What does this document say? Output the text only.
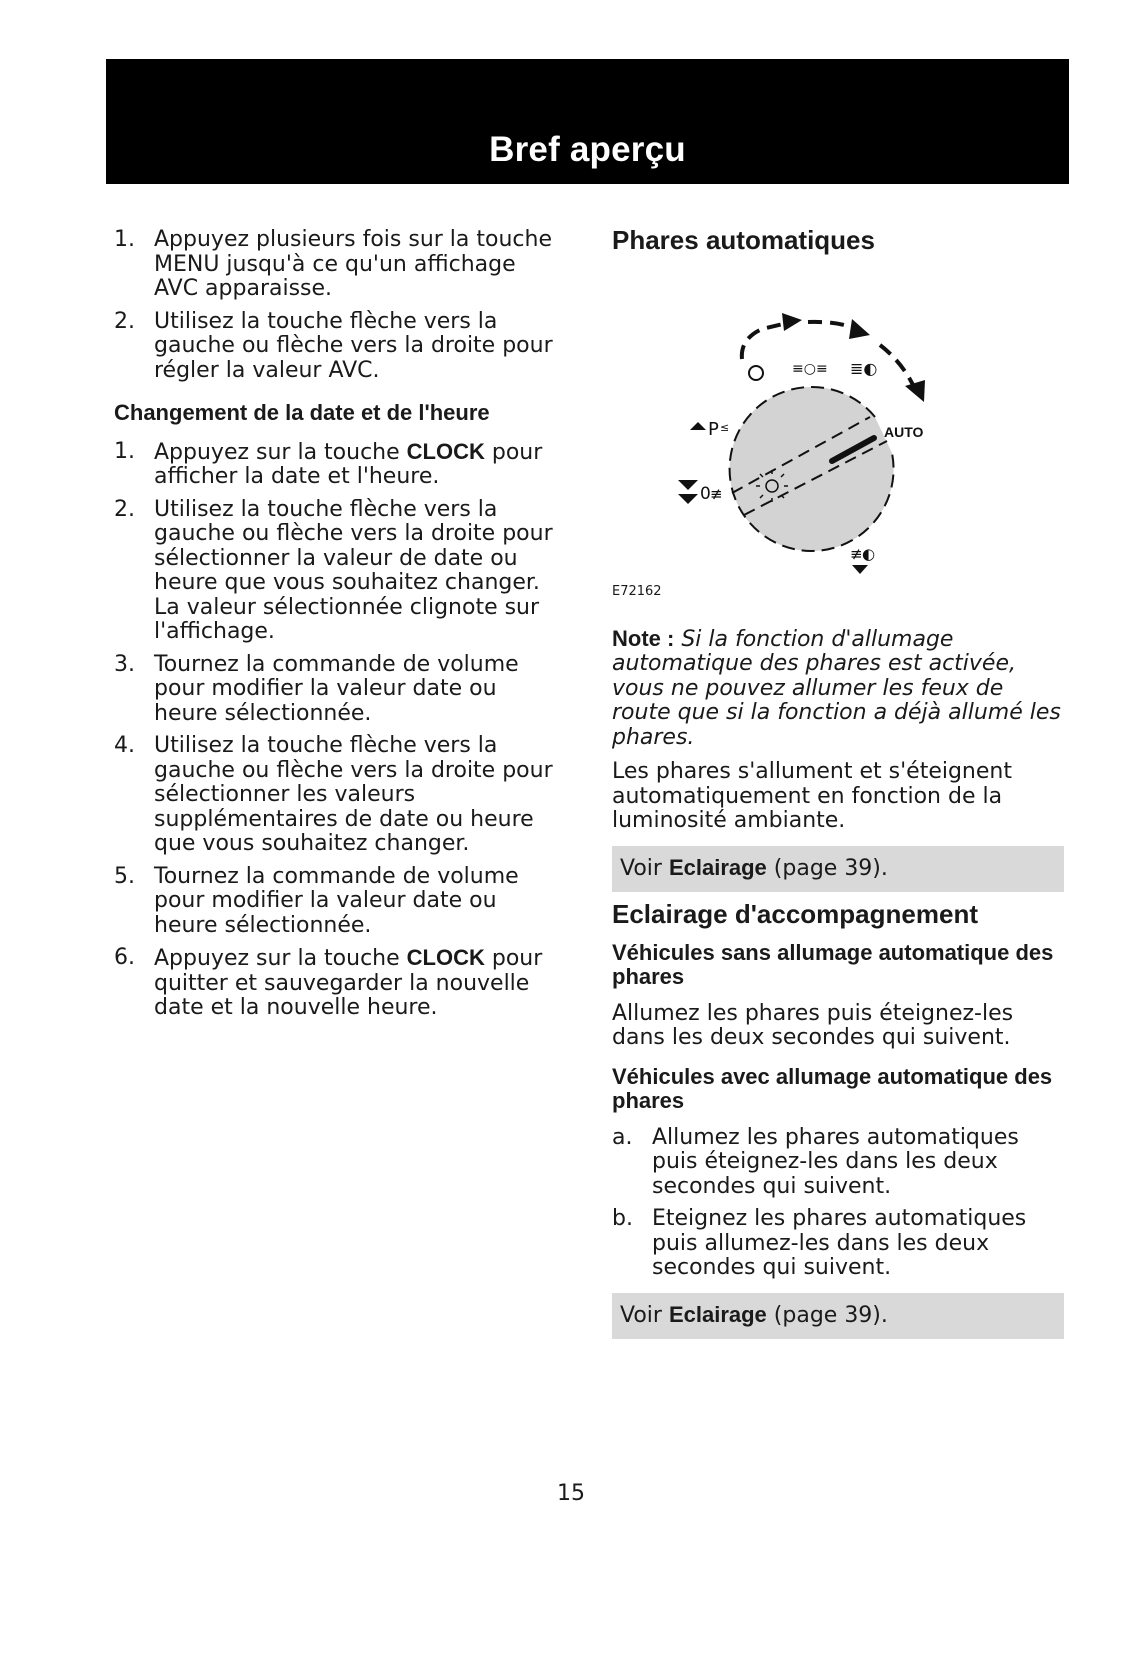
Bref aperçu
1. Appuyez plusieurs fois sur la touche MENU jusqu'à ce qu'un affichage AVC apparaisse.
2. Utilisez la touche flèche vers la gauche ou flèche vers la droite pour régler la valeur AVC.
Changement de la date et de l'heure
1. Appuyez sur la touche CLOCK pour afficher la date et l'heure.
2. Utilisez la touche flèche vers la gauche ou flèche vers la droite pour sélectionner la valeur de date ou heure que vous souhaitez changer. La valeur sélectionnée clignote sur l'affichage.
3. Tournez la commande de volume pour modifier la valeur date ou heure sélectionnée.
4. Utilisez la touche flèche vers la gauche ou flèche vers la droite pour sélectionner les valeurs supplémentaires de date ou heure que vous souhaitez changer.
5. Tournez la commande de volume pour modifier la valeur date ou heure sélectionnée.
6. Appuyez sur la touche CLOCK pour quitter et sauvegarder la nouvelle date et la nouvelle heure.
Phares automatiques
≡○≡ ≣◐
AUTO
P ≤
0 ≢
≢ ◐
E72162

Note : Si la fonction d'allumage automatique des phares est activée, vous ne pouvez allumer les feux de route que si la fonction a déjà allumé les phares.

Les phares s'allument et s'éteignent automatiquement en fonction de la luminosité ambiante.

Voir Eclairage (page 39).
Eclairage d'accompagnement
Véhicules sans allumage automatique des phares

Allumez les phares puis éteignez-les dans les deux secondes qui suivent.

Véhicules avec allumage automatique des phares
a. Allumez les phares automatiques puis éteignez-les dans les deux secondes qui suivent.
b. Eteignez les phares automatiques puis allumez-les dans les deux secondes qui suivent.
Voir Eclairage (page 39).
15
